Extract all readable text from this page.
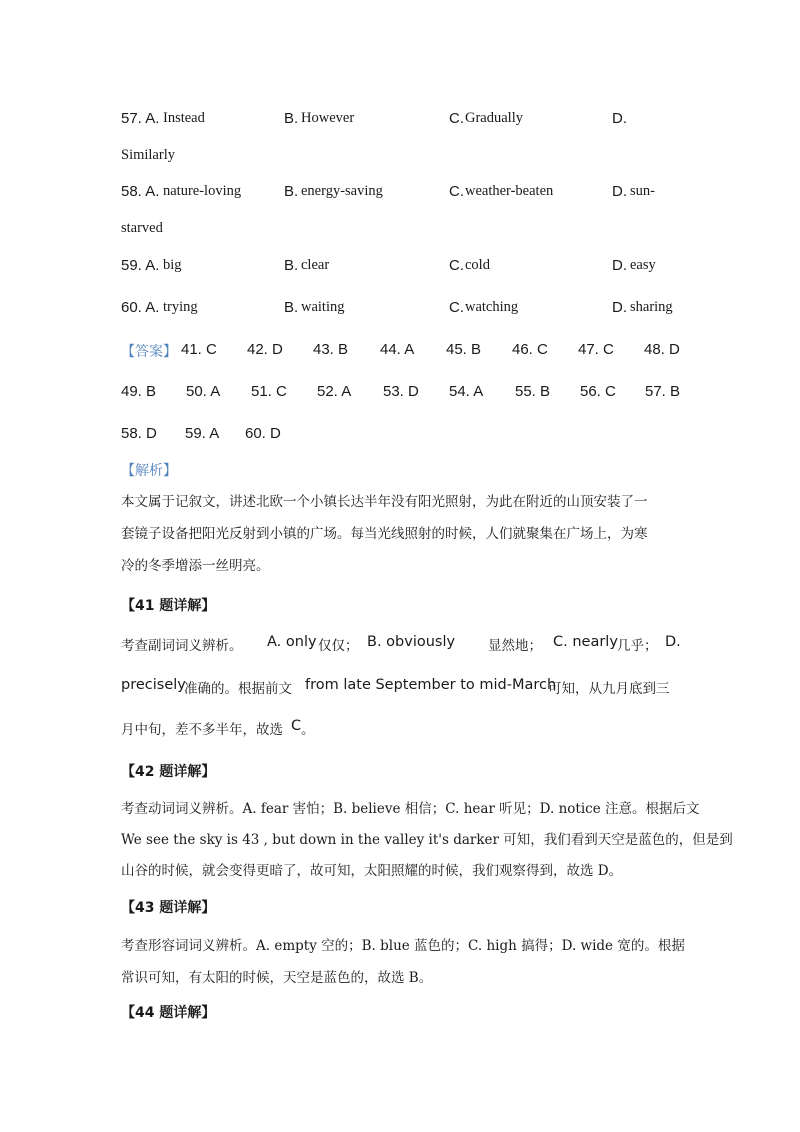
57. A. Instead	B. However	C. Gradually	D.
Similarly
58. A. nature-loving	B. energy-saving	C. weather-beaten	D. sun-
starved
59. A. big	B. clear	C. cold	D. easy
60. A. trying	B. waiting	C. watching	D. sharing
【答案】 41. C 42. D 43. B 44. A 45. B 46. C 47. C 48. D
49. B 50. A 51. C 52. A 53. D 54. A 55. B 56. C 57. B
58. D 59. A 60. D
【解析】
本文属于记叙文，讲述北欧一个小镇长达半年没有阳光照射，为此在附近的山顶安装了一
套镜子设备把阳光反射到小镇的广场。每当光线照射的时候，人们就聚集在广场上，为寒
冷的冬季增添一丝明亮。
【41 题详解】
考查副词词义辨析。 A. only 仅仅； B. obviously 显然地； C. nearly 几乎； D.
precisely
准确的。根据前文 from late September to mid-March
可知，从九月底到三
月中旬，差不多半年，故选 C 。
【42 题详解】
考查动词词义辨析。A. fear 害怕；B. believe 相信；C. hear 听见；D. notice 注意。根据后文
We see the sky is 43 , but down in the valley it's darker 可知，我们看到天空是蓝色的，但是到
山谷的时候，就会变得更暗了，故可知，太阳照耀的时候，我们观察得到，故选 D。
【43 题详解】
考查形容词词义辨析。A. empty 空的；B. blue 蓝色的；C. high 搞得；D. wide 宽的。根据
常识可知，有太阳的时候，天空是蓝色的，故选 B。
【44 题详解】
